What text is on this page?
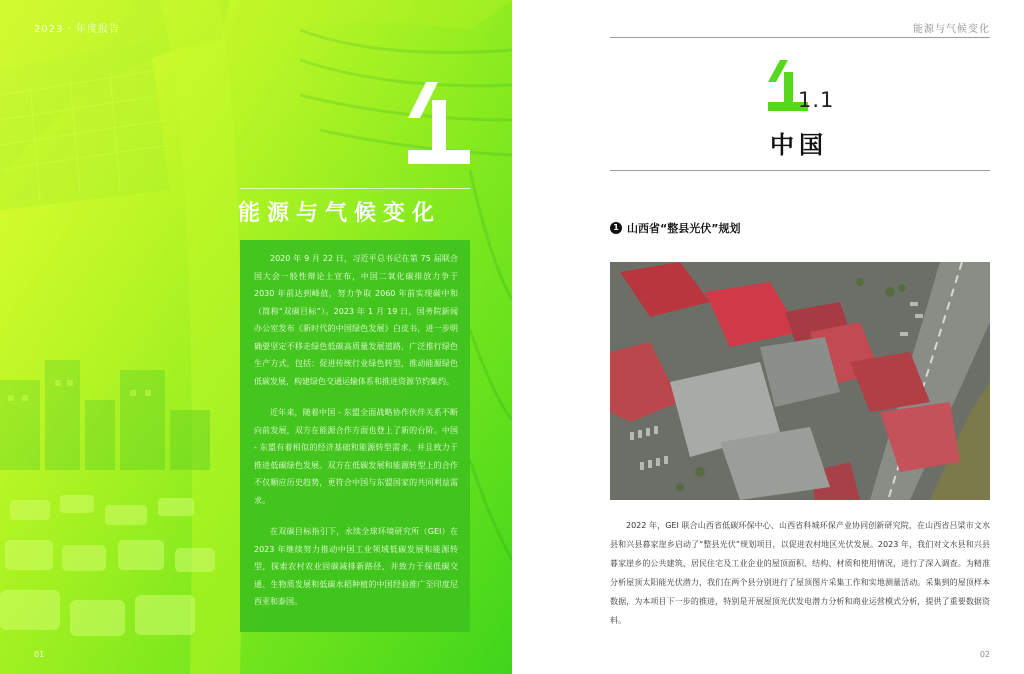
2023 · 年度报告
能源与气候变化

2020 年 9 月 22 日，习近平总书记在第 75 届联合国大会一般性辩论上宣布，中国二氧化碳排放力争于 2030 年前达到峰值，努力争取 2060 年前实现碳中和（简称“双碳目标”）。2023 年 1 月 19 日，国务院新闻办公室发布《新时代的中国绿色发展》白皮书，进一步明确要坚定不移走绿色低碳高质量发展道路，广泛推行绿色生产方式，包括：促进传统行业绿色转型，推动能源绿色低碳发展，构建绿色交通运输体系和推进资源节约集约。

近年来，随着中国 - 东盟全面战略协作伙伴关系不断向前发展，双方在能源合作方面也登上了新的台阶。中国 - 东盟有着相似的经济基础和能源转型需求，并且致力于推进低碳绿色发展。双方在低碳发展和能源转型上的合作不仅顺应历史趋势，更符合中国与东盟国家的共同利益需求。

在双碳目标指引下，永续全球环境研究所（GEI）在 2023 年继续努力推动中国工业领域低碳发展和能源转型，探索农村农业固碳减排新路径，并致力于探低碳交通、生物质发展和低碳水稻种植的中国经验推广至印度尼西亚和泰国。

01
能源与气候变化
1.1
中国
1 山西省“整县光伏”规划

2022 年，GEI 联合山西省低碳环保中心、山西省科城环保产业协同创新研究院，在山西省吕梁市文水县和兴县暮家崖乡启动了“整县光伏”规划项目，以促进农村地区光伏发展。2023 年，我们对文水县和兴县暮家崖乡的公共建筑、居民住宅及工业企业的屋顶面积、结构、材质和使用情况，进行了深入调查。为精准分析屋顶太阳能光伏潜力，我们在两个县分别进行了屋顶图片采集工作和实地测量活动。采集到的屋顶样本数据，为本项目下一步的推进，特别是开展屋顶光伏发电潜力分析和商业运营模式分析，提供了重要数据资料。

02
